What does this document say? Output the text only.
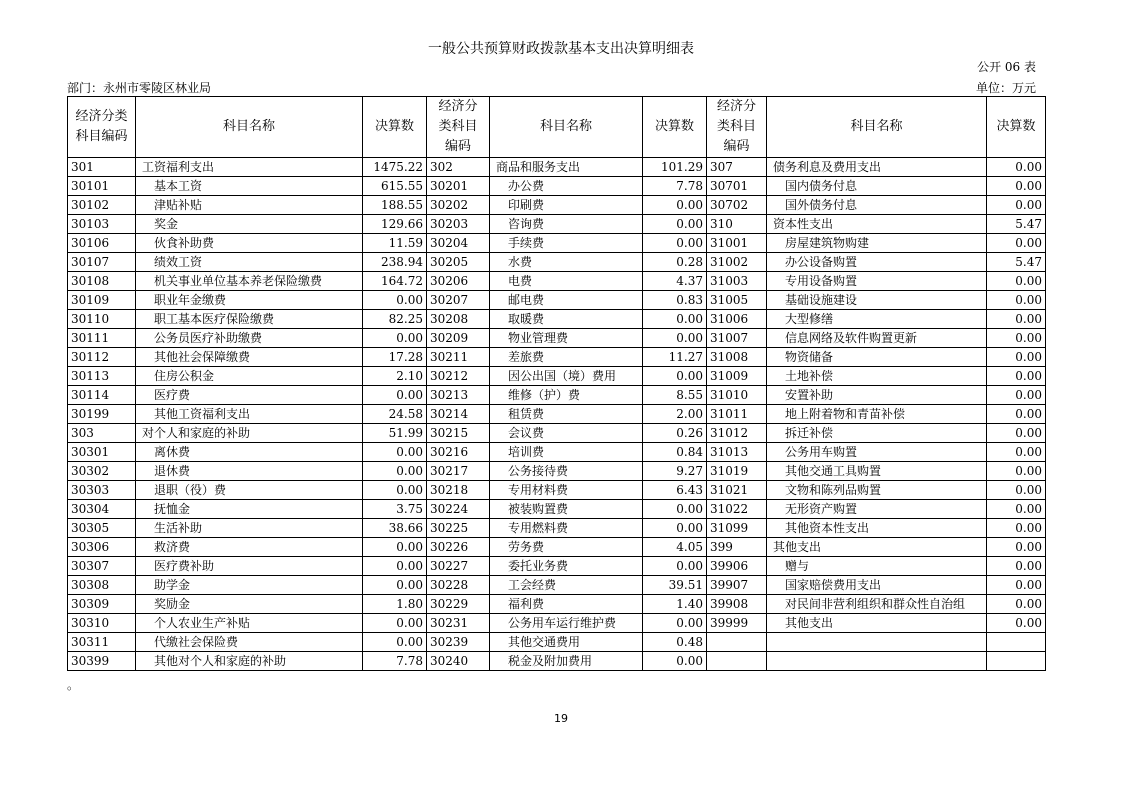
一般公共预算财政拨款基本支出决算明细表
公开 06 表
部门：永州市零陵区林业局	单位：万元
经济分类科目编码	科目名称	决算数	经济分类科目编码	科目名称	决算数	经济分类科目编码	科目名称	决算数
301	工资福利支出	1475.22	302	商品和服务支出	101.29	307	债务利息及费用支出	0.00
30101	基本工资	615.55	30201	办公费	7.78	30701	国内债务付息	0.00
30102	津贴补贴	188.55	30202	印刷费	0.00	30702	国外债务付息	0.00
30103	奖金	129.66	30203	咨询费	0.00	310	资本性支出	5.47
30106	伙食补助费	11.59	30204	手续费	0.00	31001	房屋建筑物购建	0.00
30107	绩效工资	238.94	30205	水费	0.28	31002	办公设备购置	5.47
30108	机关事业单位基本养老保险缴费	164.72	30206	电费	4.37	31003	专用设备购置	0.00
30109	职业年金缴费	0.00	30207	邮电费	0.83	31005	基础设施建设	0.00
30110	职工基本医疗保险缴费	82.25	30208	取暖费	0.00	31006	大型修缮	0.00
30111	公务员医疗补助缴费	0.00	30209	物业管理费	0.00	31007	信息网络及软件购置更新	0.00
30112	其他社会保障缴费	17.28	30211	差旅费	11.27	31008	物资储备	0.00
30113	住房公积金	2.10	30212	因公出国（境）费用	0.00	31009	土地补偿	0.00
30114	医疗费	0.00	30213	维修（护）费	8.55	31010	安置补助	0.00
30199	其他工资福利支出	24.58	30214	租赁费	2.00	31011	地上附着物和青苗补偿	0.00
303	对个人和家庭的补助	51.99	30215	会议费	0.26	31012	拆迁补偿	0.00
30301	离休费	0.00	30216	培训费	0.84	31013	公务用车购置	0.00
30302	退休费	0.00	30217	公务接待费	9.27	31019	其他交通工具购置	0.00
30303	退职（役）费	0.00	30218	专用材料费	6.43	31021	文物和陈列品购置	0.00
30304	抚恤金	3.75	30224	被装购置费	0.00	31022	无形资产购置	0.00
30305	生活补助	38.66	30225	专用燃料费	0.00	31099	其他资本性支出	0.00
30306	救济费	0.00	30226	劳务费	4.05	399	其他支出	0.00
30307	医疗费补助	0.00	30227	委托业务费	0.00	39906	赠与	0.00
30308	助学金	0.00	30228	工会经费	39.51	39907	国家赔偿费用支出	0.00
30309	奖励金	1.80	30229	福利费	1.40	39908	对民间非营利组织和群众性自治组	0.00
30310	个人农业生产补贴	0.00	30231	公务用车运行维护费	0.00	39999	其他支出	0.00
30311	代缴社会保险费	0.00	30239	其他交通费用	0.48			
30399	其他对个人和家庭的补助	7.78	30240	税金及附加费用	0.00			
。
19
